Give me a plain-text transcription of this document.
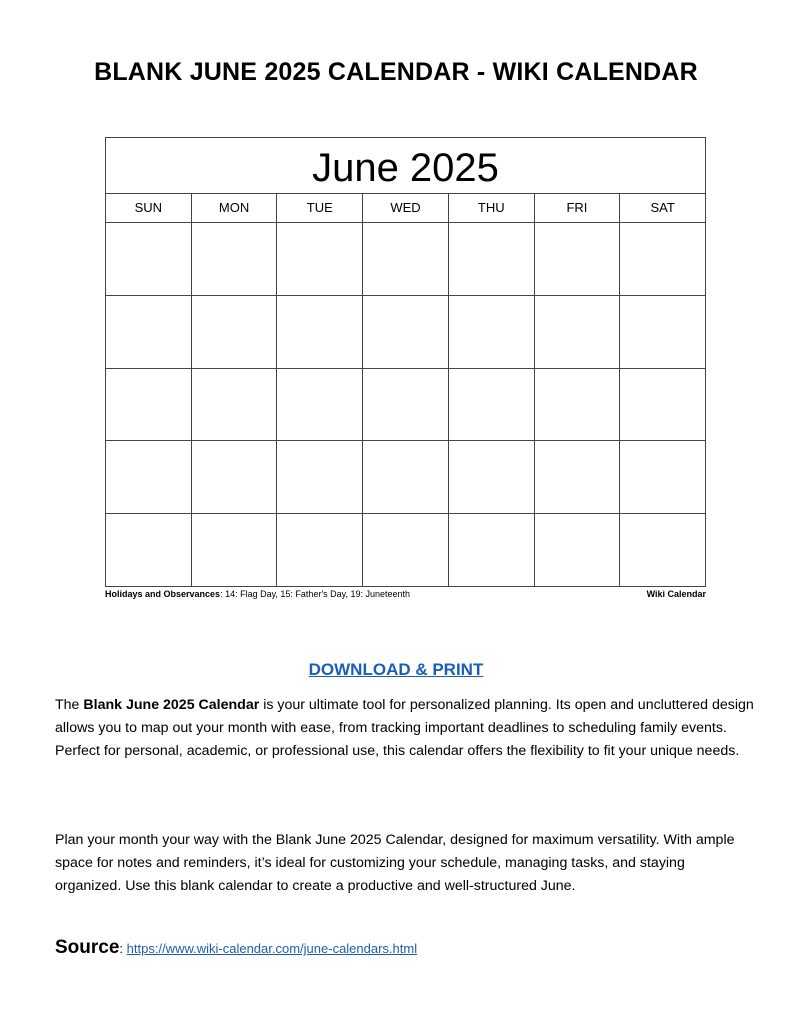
BLANK JUNE 2025 CALENDAR - WIKI CALENDAR
June 2025
SUN	MON	TUE	WED	THU	FRI	SAT
Holidays and Observances: 14: Flag Day, 15: Father's Day, 19: Juneteenth	Wiki Calendar
DOWNLOAD & PRINT
The Blank June 2025 Calendar is your ultimate tool for personalized planning. Its open and uncluttered design allows you to map out your month with ease, from tracking important deadlines to scheduling family events. Perfect for personal, academic, or professional use, this calendar offers the flexibility to fit your unique needs.
Plan your month your way with the Blank June 2025 Calendar, designed for maximum versatility. With ample space for notes and reminders, it’s ideal for customizing your schedule, managing tasks, and staying organized. Use this blank calendar to create a productive and well-structured June.
Source: https://www.wiki-calendar.com/june-calendars.html
